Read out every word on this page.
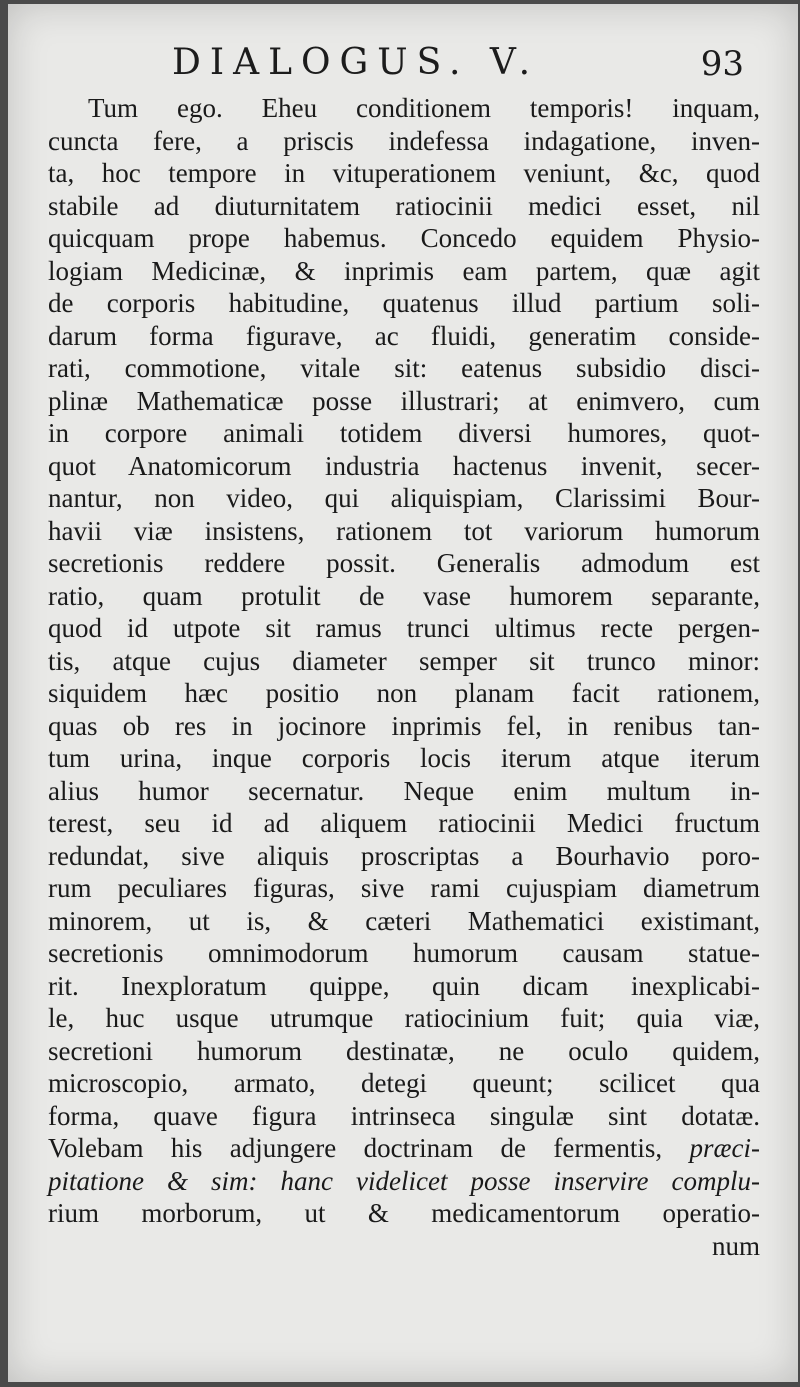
DIALOGUS. V.	93
Tum ego. Eheu conditionem temporis! inquam,
cuncta fere, a priscis indefessa indagatione, inven-
ta, hoc tempore in vituperationem veniunt, &c, quod
stabile ad diuturnitatem ratiocinii medici esset, nil
quicquam prope habemus. Concedo equidem Physio-
logiam Medicinæ, & inprimis eam partem, quæ agit
de corporis habitudine, quatenus illud partium soli-
darum forma figurave, ac fluidi, generatim conside-
rati, commotione, vitale sit: eatenus subsidio disci-
plinæ Mathematicæ posse illustrari; at enimvero, cum
in corpore animali totidem diversi humores, quot-
quot Anatomicorum industria hactenus invenit, secer-
nantur, non video, qui aliquispiam, Clarissimi Bour-
havii viæ insistens, rationem tot variorum humorum
secretionis reddere possit. Generalis admodum est
ratio, quam protulit de vase humorem separante,
quod id utpote sit ramus trunci ultimus recte pergen-
tis, atque cujus diameter semper sit trunco minor:
siquidem hæc positio non planam facit rationem,
quas ob res in jocinore inprimis fel, in renibus tan-
tum urina, inque corporis locis iterum atque iterum
alius humor secernatur. Neque enim multum in-
terest, seu id ad aliquem ratiocinii Medici fructum
redundat, sive aliquis proscriptas a Bourhavio poro-
rum peculiares figuras, sive rami cujuspiam diametrum
minorem, ut is, & cæteri Mathematici existimant,
secretionis omnimodorum humorum causam statue-
rit. Inexploratum quippe, quin dicam inexplicabi-
le, huc usque utrumque ratiocinium fuit; quia viæ,
secretioni humorum destinatæ, ne oculo quidem,
microscopio, armato, detegi queunt; scilicet qua
forma, quave figura intrinseca singulæ sint dotatæ.
Volebam his adjungere doctrinam de fermentis, præci-
pitatione & sim: hanc videlicet posse inservire complu-
rium morborum, ut & medicamentorum operatio-
num
